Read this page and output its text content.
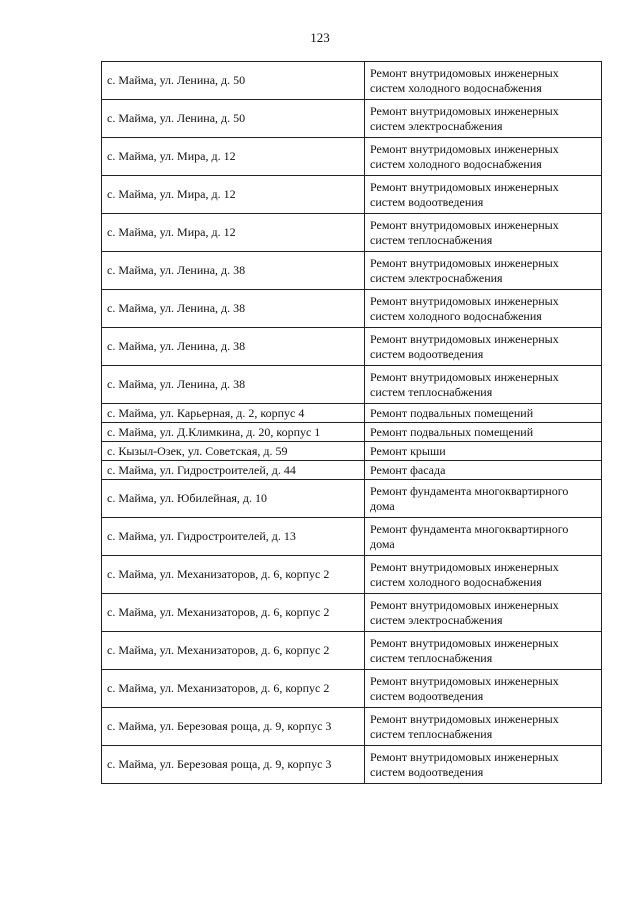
123
с. Майма, ул. Ленина, д. 50	Ремонт внутридомовых инженерных систем холодного водоснабжения
с. Майма, ул. Ленина, д. 50	Ремонт внутридомовых инженерных систем электроснабжения
с. Майма, ул. Мира, д. 12	Ремонт внутридомовых инженерных систем холодного водоснабжения
с. Майма, ул. Мира, д. 12	Ремонт внутридомовых инженерных систем водоотведения
с. Майма, ул. Мира, д. 12	Ремонт внутридомовых инженерных систем теплоснабжения
с. Майма, ул. Ленина, д. 38	Ремонт внутридомовых инженерных систем электроснабжения
с. Майма, ул. Ленина, д. 38	Ремонт внутридомовых инженерных систем холодного водоснабжения
с. Майма, ул. Ленина, д. 38	Ремонт внутридомовых инженерных систем водоотведения
с. Майма, ул. Ленина, д. 38	Ремонт внутридомовых инженерных систем теплоснабжения
с. Майма, ул. Карьерная, д. 2, корпус 4	Ремонт подвальных помещений
с. Майма, ул. Д.Климкина, д. 20, корпус 1	Ремонт подвальных помещений
с. Кызыл-Озек, ул. Советская, д. 59	Ремонт крыши
с. Майма, ул. Гидростроителей, д. 44	Ремонт фасада
с. Майма, ул. Юбилейная, д. 10	Ремонт фундамента многоквартирного дома
с. Майма, ул. Гидростроителей, д. 13	Ремонт фундамента многоквартирного дома
с. Майма, ул. Механизаторов, д. 6, корпус 2	Ремонт внутридомовых инженерных систем холодного водоснабжения
с. Майма, ул. Механизаторов, д. 6, корпус 2	Ремонт внутридомовых инженерных систем электроснабжения
с. Майма, ул. Механизаторов, д. 6, корпус 2	Ремонт внутридомовых инженерных систем теплоснабжения
с. Майма, ул. Механизаторов, д. 6, корпус 2	Ремонт внутридомовых инженерных систем водоотведения
с. Майма, ул. Березовая роща, д. 9, корпус 3	Ремонт внутридомовых инженерных систем теплоснабжения
с. Майма, ул. Березовая роща, д. 9, корпус 3	Ремонт внутридомовых инженерных систем водоотведения
